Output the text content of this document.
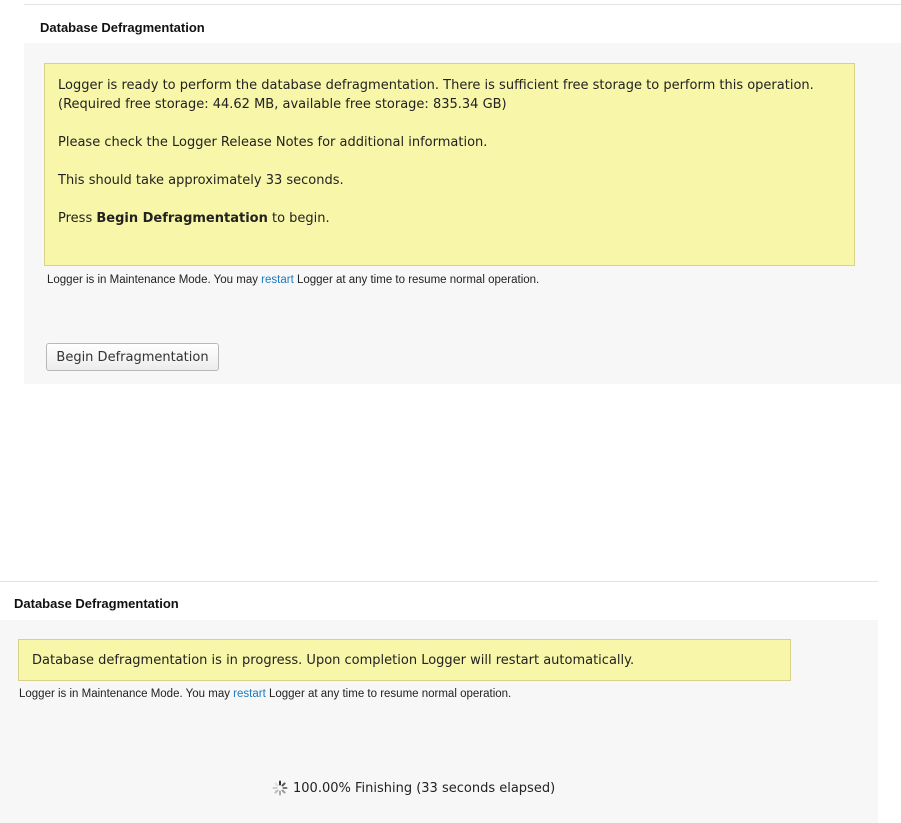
Database Defragmentation

Logger is ready to perform the database defragmentation. There is sufficient free storage to perform this operation.

(Required free storage: 44.62 MB, available free storage: 835.34 GB)

Please check the Logger Release Notes for additional information.

This should take approximately 33 seconds.

Press Begin Defragmentation to begin.

Logger is in Maintenance Mode. You may restart Logger at any time to resume normal operation.
Begin Defragmentation
Database Defragmentation

Database defragmentation is in progress. Upon completion Logger will restart automatically.

Logger is in Maintenance Mode. You may restart Logger at any time to resume normal operation.
100.00% Finishing (33 seconds elapsed)
